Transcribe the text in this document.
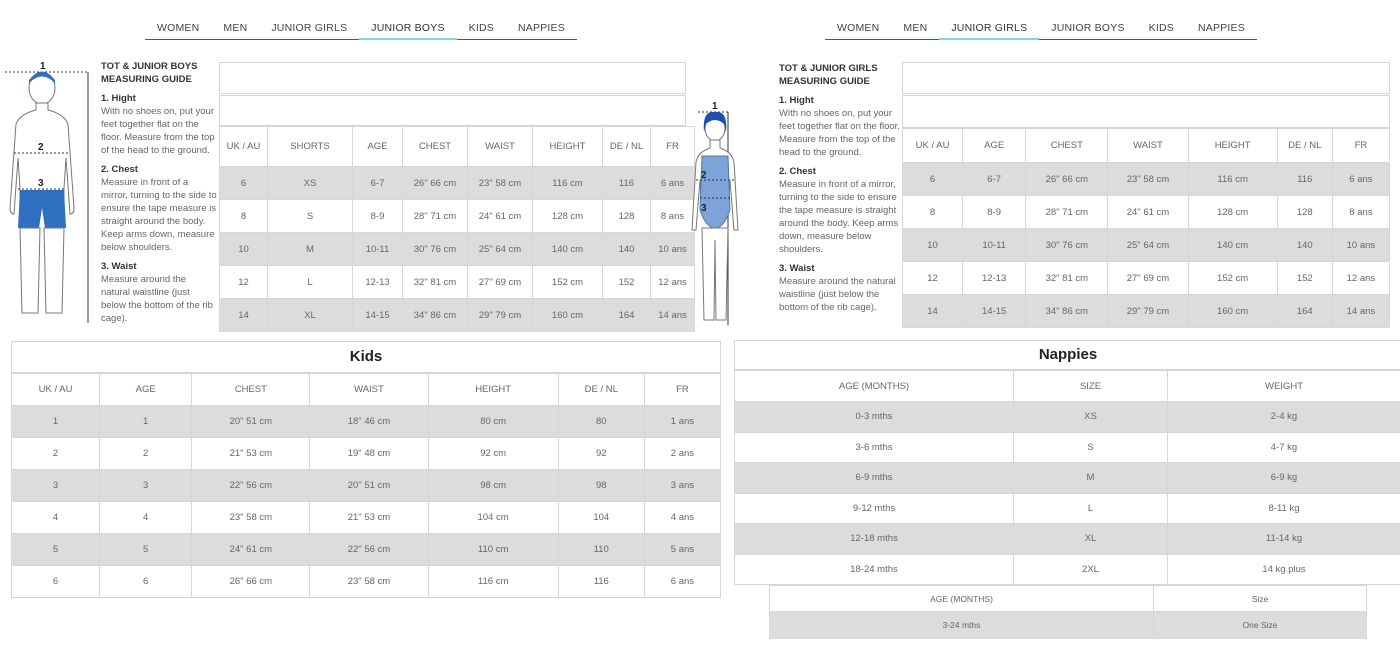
WOMEN	MEN	JUNIOR GIRLS	JUNIOR BOYS	KIDS	NAPPIES	WOMEN	MEN	JUNIOR GIRLS	JUNIOR BOYS	KIDS	NAPPIES
1
2
3
TOT & JUNIOR BOYS MEASURING GUIDE
1. Hight
With no shoes on, put your feet together flat on the floor. Measure from the top of the head to the ground.
2. Chest
Measure in front of a mirror, turning to the side to ensure the tape measure is straight around the body. Keep arms down, measure below shoulders.
3. Waist
Measure around the natural waistline (just below the bottom of the rib cage).
UK / AU	SHORTS	AGE	CHEST	WAIST	HEIGHT	DE / NL	FR
6	XS	6-7	26" 66 cm	23" 58 cm	116 cm	116	6 ans
8	S	8-9	28" 71 cm	24" 61 cm	128 cm	128	8 ans
10	M	10-11	30" 76 cm	25" 64 cm	140 cm	140	10 ans
12	L	12-13	32" 81 cm	27" 69 cm	152 cm	152	12 ans
14	XL	14-15	34" 86 cm	29" 79 cm	160 cm	164	14 ans
1
2
3
TOT & JUNIOR GIRLS MEASURING GUIDE
1. Hight
With no shoes on, put your feet together flat on the floor. Measure from the top of the head to the ground.
2. Chest
Measure in front of a mirror, turning to the side to ensure the tape measure is straight around the body. Keep arms down, measure below shoulders.
3. Waist
Measure around the natural waistline (just below the bottom of the rib cage).
UK / AU	AGE	CHEST	WAIST	HEIGHT	DE / NL	FR
6	6-7	26" 66 cm	23" 58 cm	116 cm	116	6 ans
8	8-9	28" 71 cm	24" 61 cm	128 cm	128	8 ans
10	10-11	30" 76 cm	25" 64 cm	140 cm	140	10 ans
12	12-13	32" 81 cm	27" 69 cm	152 cm	152	12 ans
14	14-15	34" 86 cm	29" 79 cm	160 cm	164	14 ans
Kids
UK / AU	AGE	CHEST	WAIST	HEIGHT	DE / NL	FR
1	1	20" 51 cm	18" 46 cm	80 cm	80	1 ans
2	2	21" 53 cm	19" 48 cm	92 cm	92	2 ans
3	3	22" 56 cm	20" 51 cm	98 cm	98	3 ans
4	4	23" 58 cm	21" 53 cm	104 cm	104	4 ans
5	5	24" 61 cm	22" 56 cm	110 cm	110	5 ans
6	6	26" 66 cm	23" 58 cm	116 cm	116	6 ans
Nappies
AGE (MONTHS)	SIZE	WEIGHT
0-3 mths	XS	2-4 kg
3-6 mths	S	4-7 kg
6-9 mths	M	6-9 kg
9-12 mths	L	8-11 kg
12-18 mths	XL	11-14 kg
18-24 mths	2XL	14 kg plus
AGE (MONTHS)	Size
3-24 mths	One Size
